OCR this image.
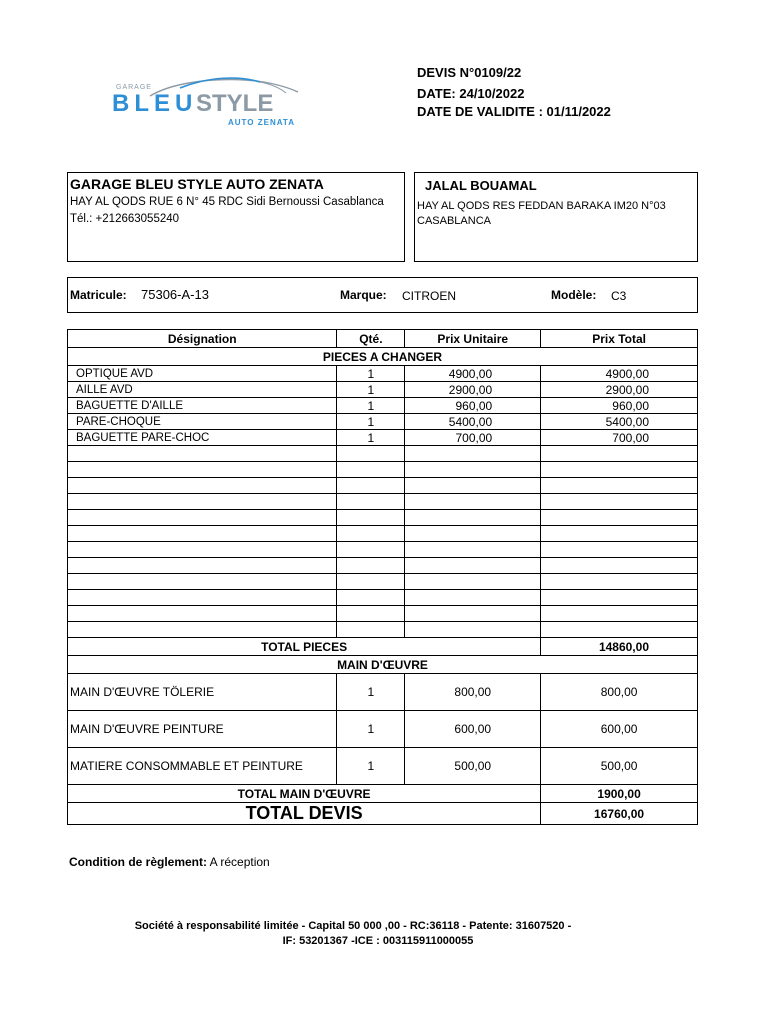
GARAGE
BLEU
STYLE
AUTO ZENATA
DEVIS N°0109/22
DATE: 24/10/2022
DATE DE VALIDITE : 01/11/2022
GARAGE BLEU STYLE AUTO ZENATA
HAY AL QODS RUE 6 N° 45 RDC Sidi Bernoussi Casablanca
Tél.: +212663055240
JALAL BOUAMAL
HAY AL QODS RES FEDDAN BARAKA IM20 N°03 CASABLANCA
Matricule: 75306-A-13	Marque: CITROEN	Modèle: C3
Désignation	Qté.	Prix Unitaire	Prix Total
PIECES A CHANGER			
OPTIQUE AVD	1	4900,00	4900,00
AILLE AVD	1	2900,00	2900,00
BAGUETTE D'AILLE	1	960,00	960,00
PARE-CHOQUE	1	5400,00	5400,00
BAGUETTE PARE-CHOC	1	700,00	700,00

TOTAL PIECES			14860,00
MAIN D'ŒUVRE			
MAIN D'ŒUVRE TÖLERIE	1	800,00	800,00
MAIN D'ŒUVRE PEINTURE	1	600,00	600,00
MATIERE CONSOMMABLE ET PEINTURE	1	500,00	500,00
TOTAL MAIN D'ŒUVRE			1900,00
TOTAL DEVIS			16760,00
Condition de règlement: A réception
Société à responsabilité limitée - Capital 50 000 ,00 - RC:36118 - Patente: 31607520 -
IF: 53201367 -ICE : 003115911000055
